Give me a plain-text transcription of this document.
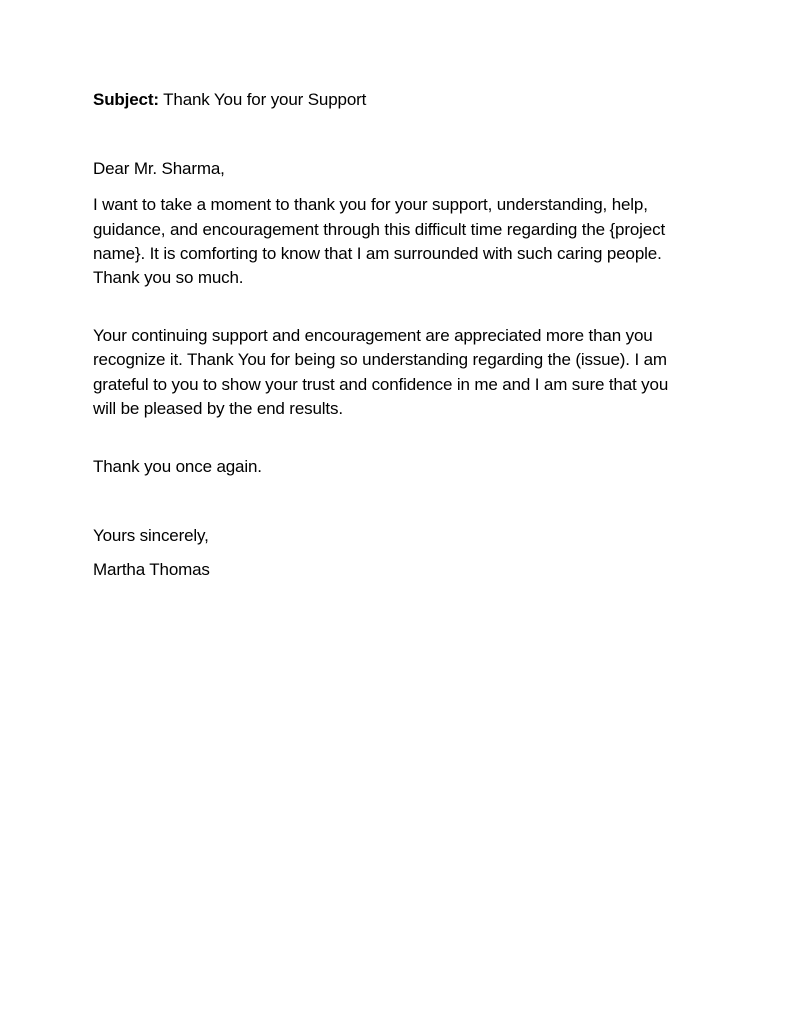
Subject: Thank You for your Support
Dear Mr. Sharma,
I want to take a moment to thank you for your support, understanding, help, guidance, and encouragement through this difficult time regarding the {project name}. It is comforting to know that I am surrounded with such caring people. Thank you so much.
Your continuing support and encouragement are appreciated more than you recognize it. Thank You for being so understanding regarding the (issue). I am grateful to you to show your trust and confidence in me and I am sure that you will be pleased by the end results.
Thank you once again.
Yours sincerely,
Martha Thomas
